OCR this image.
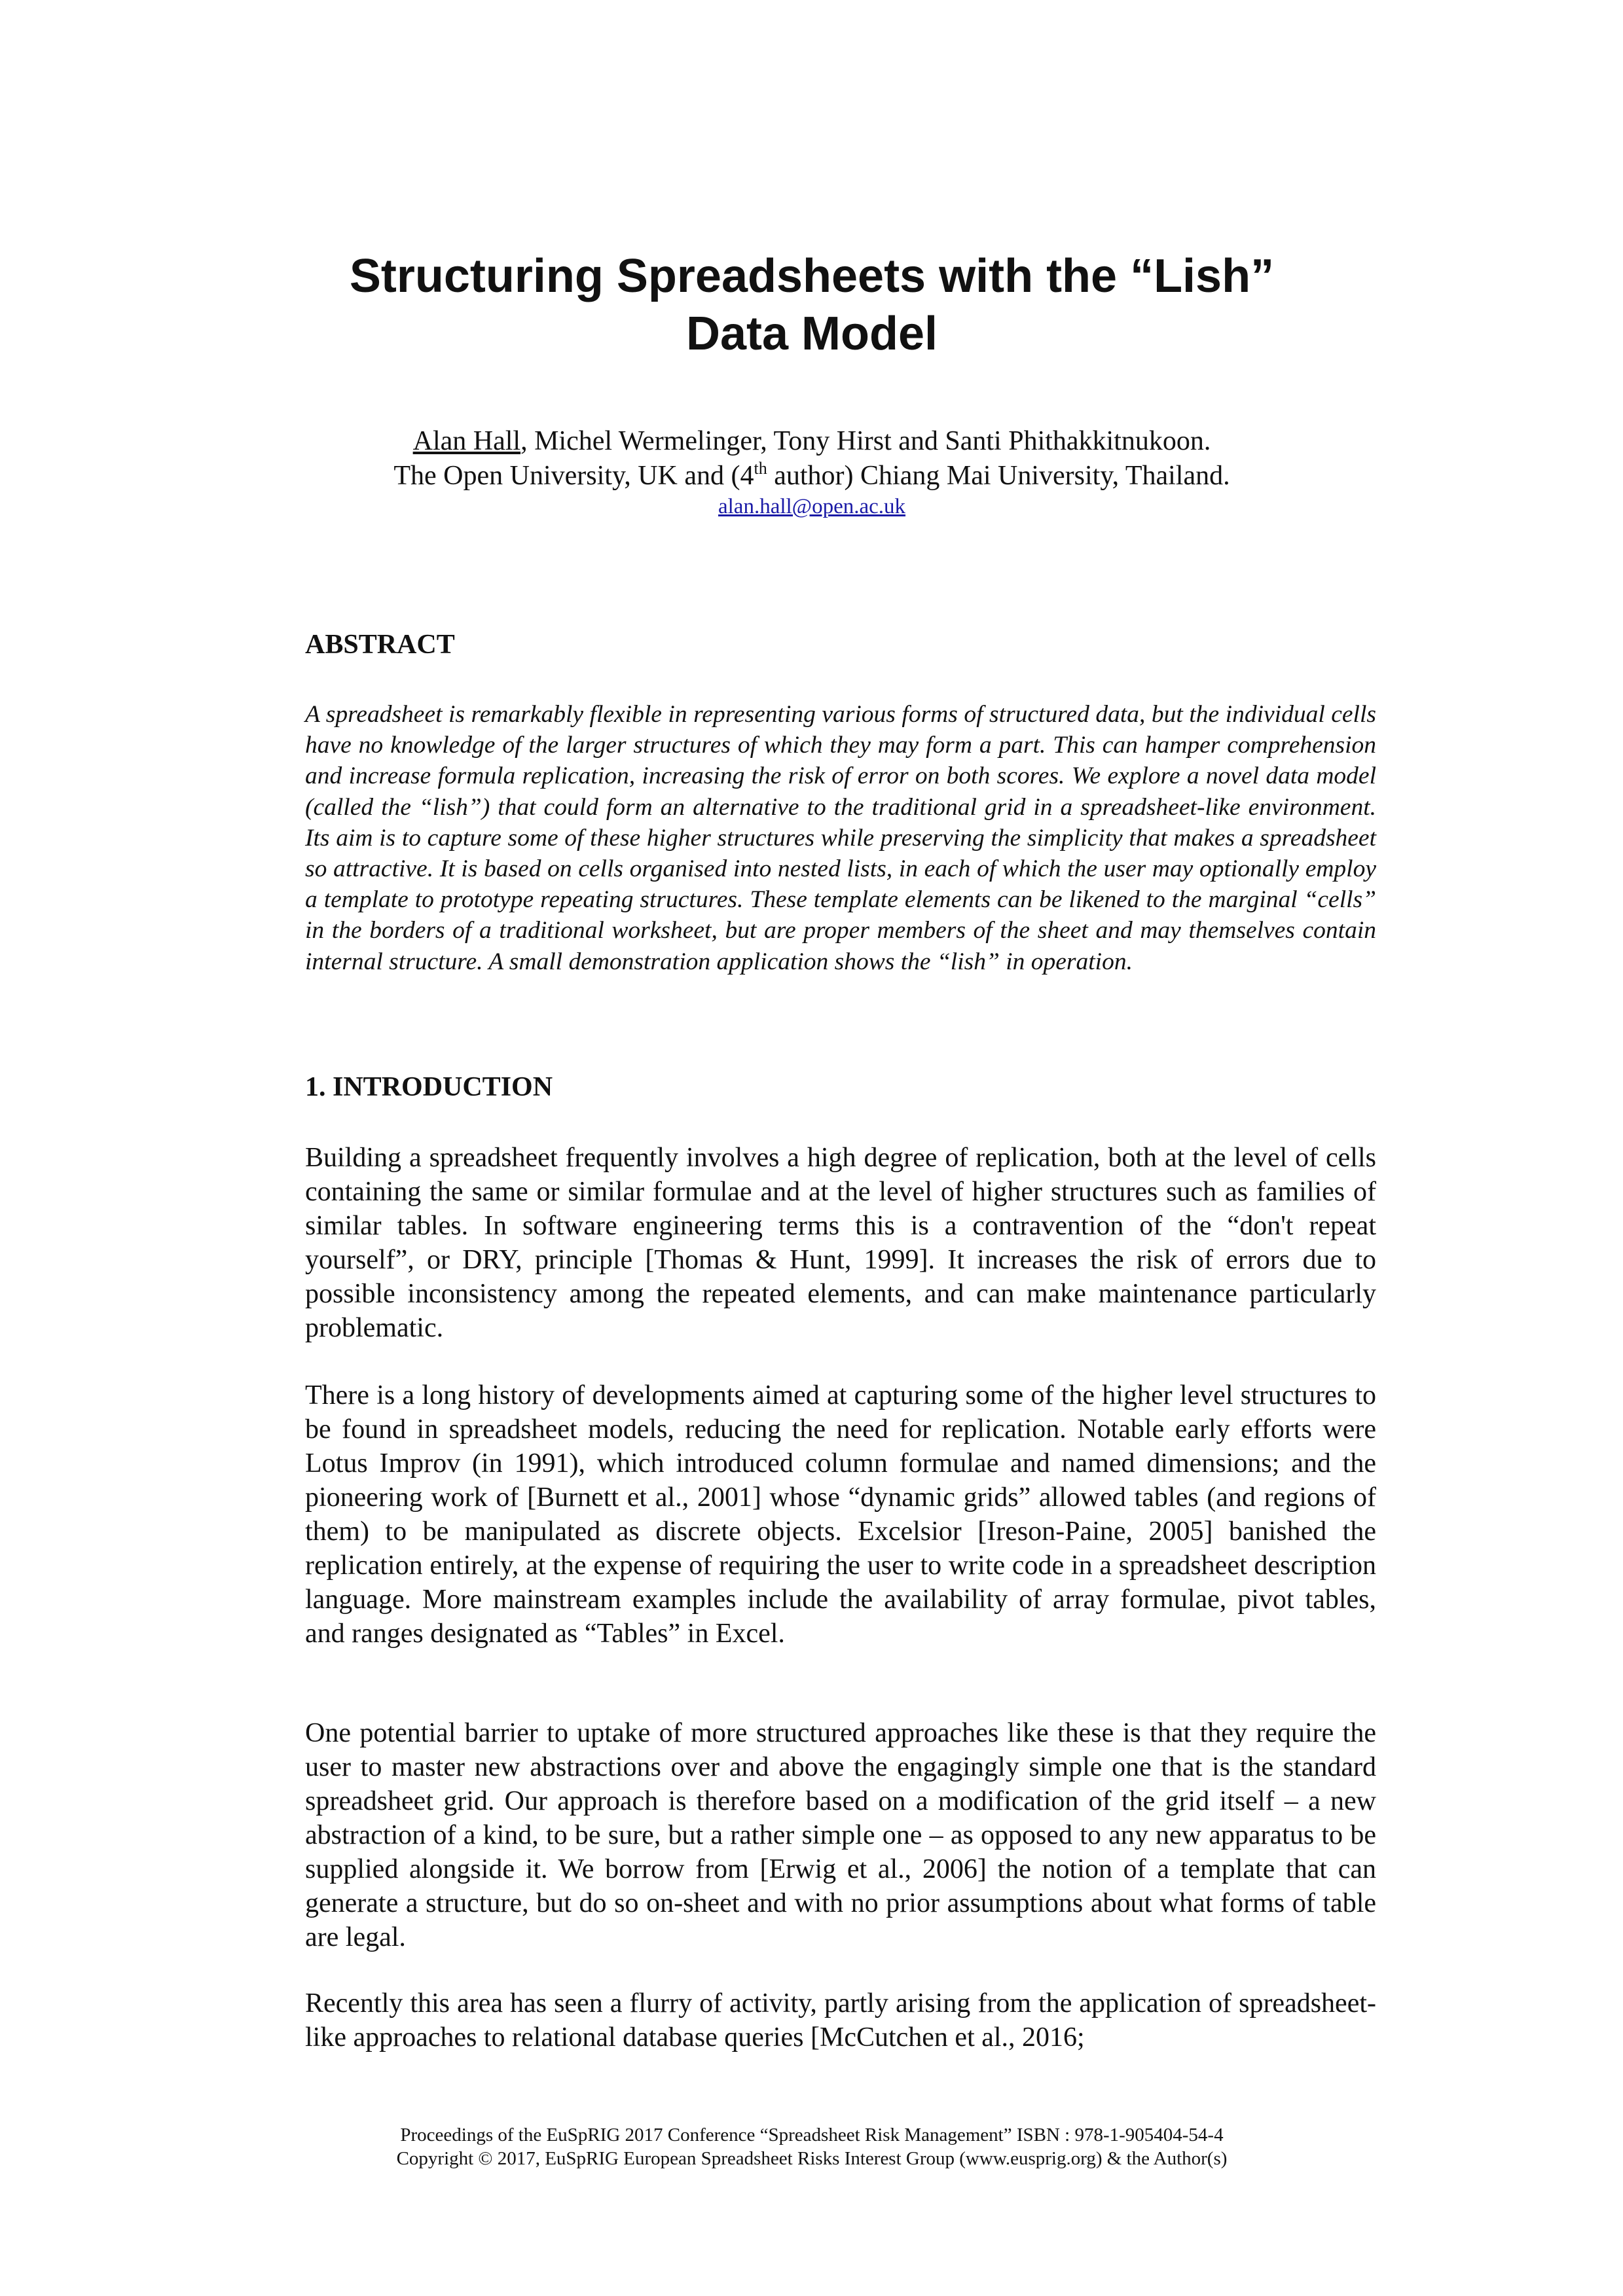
Structuring Spreadsheets with the “Lish”
Data Model
Alan Hall, Michel Wermelinger, Tony Hirst and Santi Phithakkitnukoon.
The Open University, UK and (4th author) Chiang Mai University, Thailand.
alan.hall@open.ac.uk
ABSTRACT

A spreadsheet is remarkably flexible in representing various forms of structured data, but the individual cells have no knowledge of the larger structures of which they may form a part. This can hamper comprehension and increase formula replication, increasing the risk of error on both scores. We explore a novel data model (called the “lish”) that could form an alternative to the traditional grid in a spreadsheet-like environment. Its aim is to capture some of these higher structures while preserving the simplicity that makes a spreadsheet so attractive. It is based on cells organised into nested lists, in each of which the user may optionally employ a template to prototype repeating structures. These template elements can be likened to the marginal “cells” in the borders of a traditional worksheet, but are proper members of the sheet and may themselves contain internal structure. A small demonstration application shows the “lish” in operation.

1. INTRODUCTION

Building a spreadsheet frequently involves a high degree of replication, both at the level of cells containing the same or similar formulae and at the level of higher structures such as families of similar tables. In software engineering terms this is a contravention of the “don't repeat yourself”, or DRY, principle [Thomas & Hunt, 1999]. It increases the risk of errors due to possible inconsistency among the repeated elements, and can make maintenance particularly problematic.

There is a long history of developments aimed at capturing some of the higher level structures to be found in spreadsheet models, reducing the need for replication. Notable early efforts were Lotus Improv (in 1991), which introduced column formulae and named dimensions; and the pioneering work of [Burnett et al., 2001] whose “dynamic grids” allowed tables (and regions of them) to be manipulated as discrete objects. Excelsior [Ireson-Paine, 2005] banished the replication entirely, at the expense of requiring the user to write code in a spreadsheet description language. More mainstream examples include the availability of array formulae, pivot tables, and ranges designated as “Tables” in Excel.

One potential barrier to uptake of more structured approaches like these is that they require the user to master new abstractions over and above the engagingly simple one that is the standard spreadsheet grid. Our approach is therefore based on a modification of the grid itself – a new abstraction of a kind, to be sure, but a rather simple one – as opposed to any new apparatus to be supplied alongside it. We borrow from [Erwig et al., 2006] the notion of a template that can generate a structure, but do so on-sheet and with no prior assumptions about what forms of table are legal.

Recently this area has seen a flurry of activity, partly arising from the application of spreadsheet-like approaches to relational database queries [McCutchen et al., 2016;

Proceedings of the EuSpRIG 2017 Conference “Spreadsheet Risk Management” ISBN : 978-1-905404-54-4
Copyright © 2017, EuSpRIG European Spreadsheet Risks Interest Group (www.eusprig.org) & the Author(s)
